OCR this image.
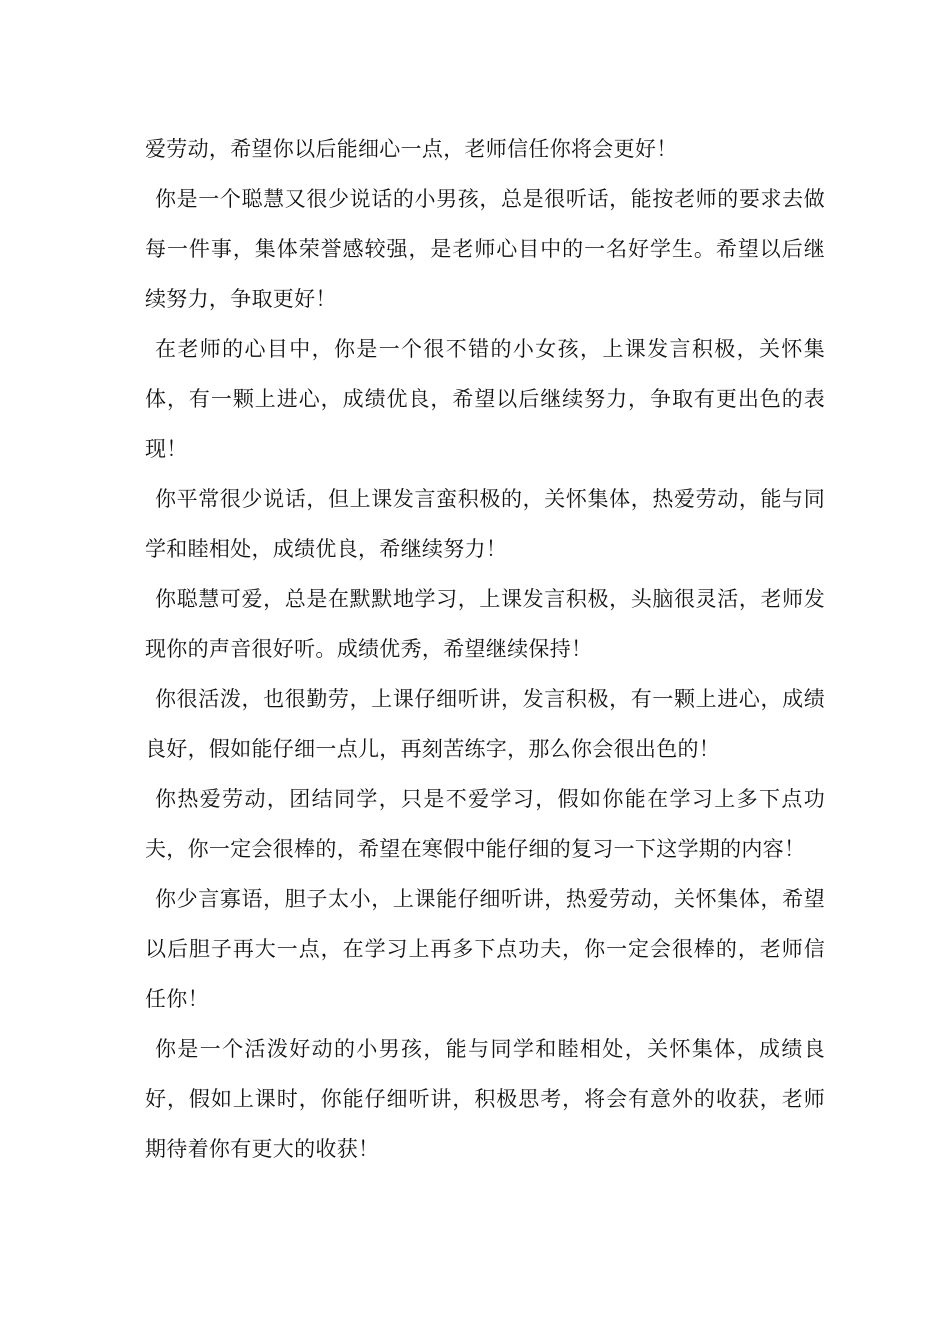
爱劳动，希望你以后能细心一点，老师信任你将会更好！

你是一个聪慧又很少说话的小男孩，总是很听话，能按老师的要求去做每一件事，集体荣誉感较强，是老师心目中的一名好学生。希望以后继续努力，争取更好！

在老师的心目中，你是一个很不错的小女孩，上课发言积极，关怀集体，有一颗上进心，成绩优良，希望以后继续努力，争取有更出色的表现！

你平常很少说话，但上课发言蛮积极的，关怀集体，热爱劳动，能与同学和睦相处，成绩优良，希继续努力！

你聪慧可爱，总是在默默地学习，上课发言积极，头脑很灵活，老师发现你的声音很好听。成绩优秀，希望继续保持！

你很活泼，也很勤劳，上课仔细听讲，发言积极，有一颗上进心，成绩良好，假如能仔细一点儿，再刻苦练字，那么你会很出色的！

你热爱劳动，团结同学，只是不爱学习，假如你能在学习上多下点功夫，你一定会很棒的，希望在寒假中能仔细的复习一下这学期的内容！

你少言寡语，胆子太小，上课能仔细听讲，热爱劳动，关怀集体，希望以后胆子再大一点，在学习上再多下点功夫，你一定会很棒的，老师信任你！

你是一个活泼好动的小男孩，能与同学和睦相处，关怀集体，成绩良好，假如上课时，你能仔细听讲，积极思考，将会有意外的收获，老师期待着你有更大的收获！
